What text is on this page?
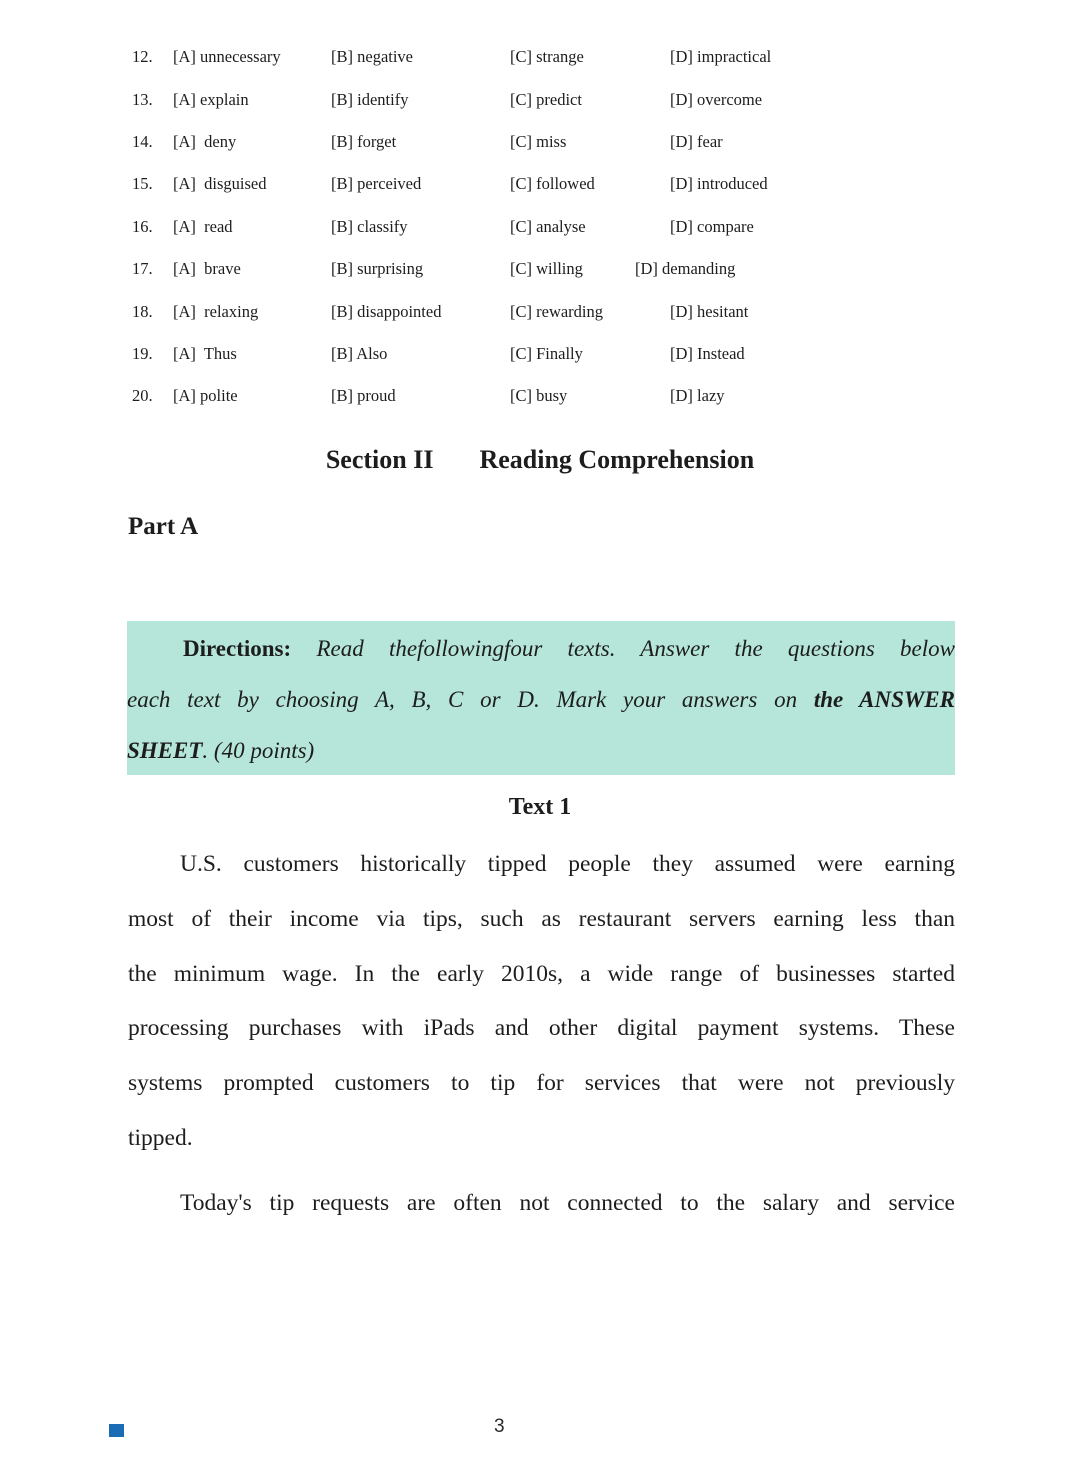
12.	[A] unnecessary	[B] negative	[C] strange	[D] impractical
13.	[A] explain	[B] identify	[C] predict	[D] overcome
14.	[A]  deny	[B] forget	[C] miss	[D] fear
15.	[A]  disguised	[B] perceived	[C] followed	[D] introduced
16.	[A]  read	[B] classify	[C] analyse	[D] compare
17.	[A]  brave	[B] surprising	[C] willing	[D] demanding
18.	[A]  relaxing	[B] disappointed	[C] rewarding	[D] hesitant
19.	[A]  Thus	[B] Also	[C] Finally	[D] Instead
20.	[A] polite	[B] proud	[C] busy	[D] lazy
Section II Reading Comprehension
Part A
Directions: Read thefollowingfour texts. Answer the questions below
each text by choosing A, B, C or D. Mark your answers on the ANSWER
SHEET. (40 points)
Text 1
U.S. customers historically tipped people they assumed were earning
most of their income via tips, such as restaurant servers earning less than
the minimum wage. In the early 2010s, a wide range of businesses started
processing purchases with iPads and other digital payment systems. These
systems prompted customers to tip for services that were not previously
tipped.
Today's tip requests are often not connected to the salary and service
3
